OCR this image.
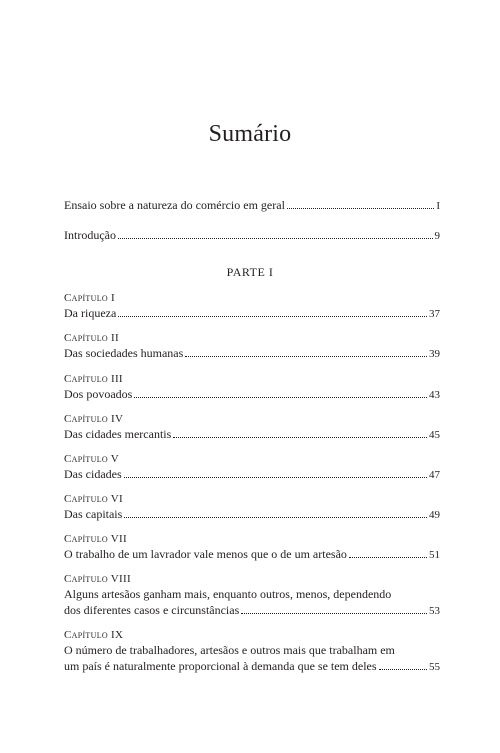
Sumário
Ensaio sobre a natureza do comércio em geral	I
Introdução	9
PARTE I
Capítulo I
Da riqueza	37
Capítulo II
Das sociedades humanas	39
Capítulo III
Dos povoados	43
Capítulo IV
Das cidades mercantis	45
Capítulo V
Das cidades	47
Capítulo VI
Das capitais	49
Capítulo VII
O trabalho de um lavrador vale menos que o de um artesão	51
Capítulo VIII
Alguns artesãos ganham mais, enquanto outros, menos, dependendo
dos diferentes casos e circunstâncias	53
Capítulo IX
O número de trabalhadores, artesãos e outros mais que trabalham em
um país é naturalmente proporcional à demanda que se tem deles	55
